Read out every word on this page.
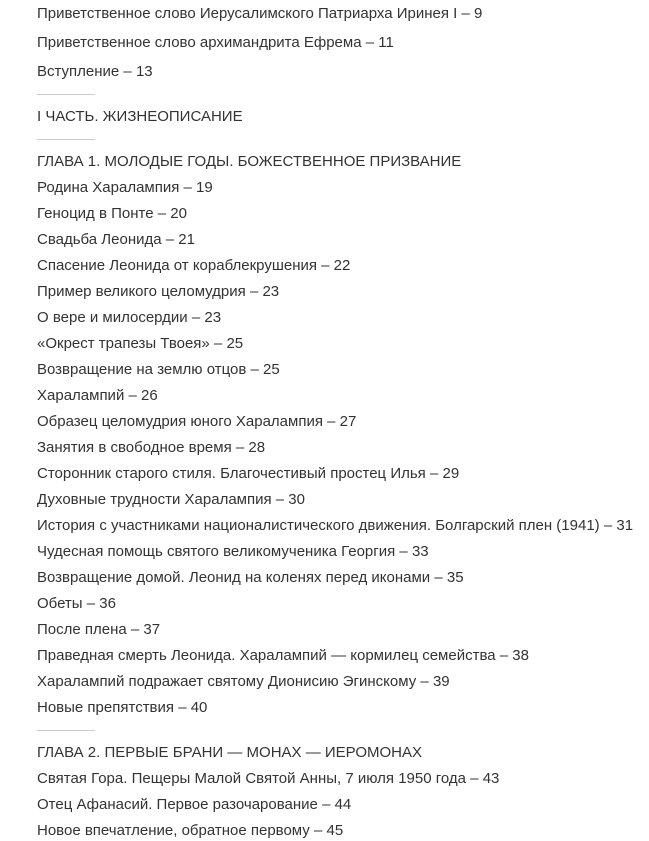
Приветственное слово Иерусалимского Патриарха Иринея I – 9

Приветственное слово архимандрита Ефрема – 11

Вступление – 13

I ЧАСТЬ. ЖИЗНЕОПИСАНИЕ

ГЛАВА 1. МОЛОДЫЕ ГОДЫ. БОЖЕСТВЕННОЕ ПРИЗВАНИЕ

Родина Харалампия – 19

Геноцид в Понте – 20

Свадьба Леонида – 21

Спасение Леонида от кораблекрушения – 22

Пример великого целомудрия – 23

О вере и милосердии – 23

«Окрест трапезы Твоея» – 25

Возвращение на землю отцов – 25

Харалампий – 26

Образец целомудрия юного Харалампия – 27

Занятия в свободное время – 28

Сторонник старого стиля. Благочестивый простец Илья – 29

Духовные трудности Харалампия – 30

История с участниками националистического движения. Болгарский плен (1941) – 31

Чудесная помощь святого великомученика Георгия – 33

Возвращение домой. Леонид на коленях перед иконами – 35

Обеты – 36

После плена – 37

Праведная смерть Леонида. Харалампий — кормилец семейства – 38

Харалампий подражает святому Дионисию Эгинскому – 39

Новые препятствия – 40

ГЛАВА 2. ПЕРВЫЕ БРАНИ — МОНАХ — ИЕРОМОНАХ

Святая Гора. Пещеры Малой Святой Анны, 7 июля 1950 года – 43

Отец Афанасий. Первое разочарование – 44

Новое впечатление, обратное первому – 45
